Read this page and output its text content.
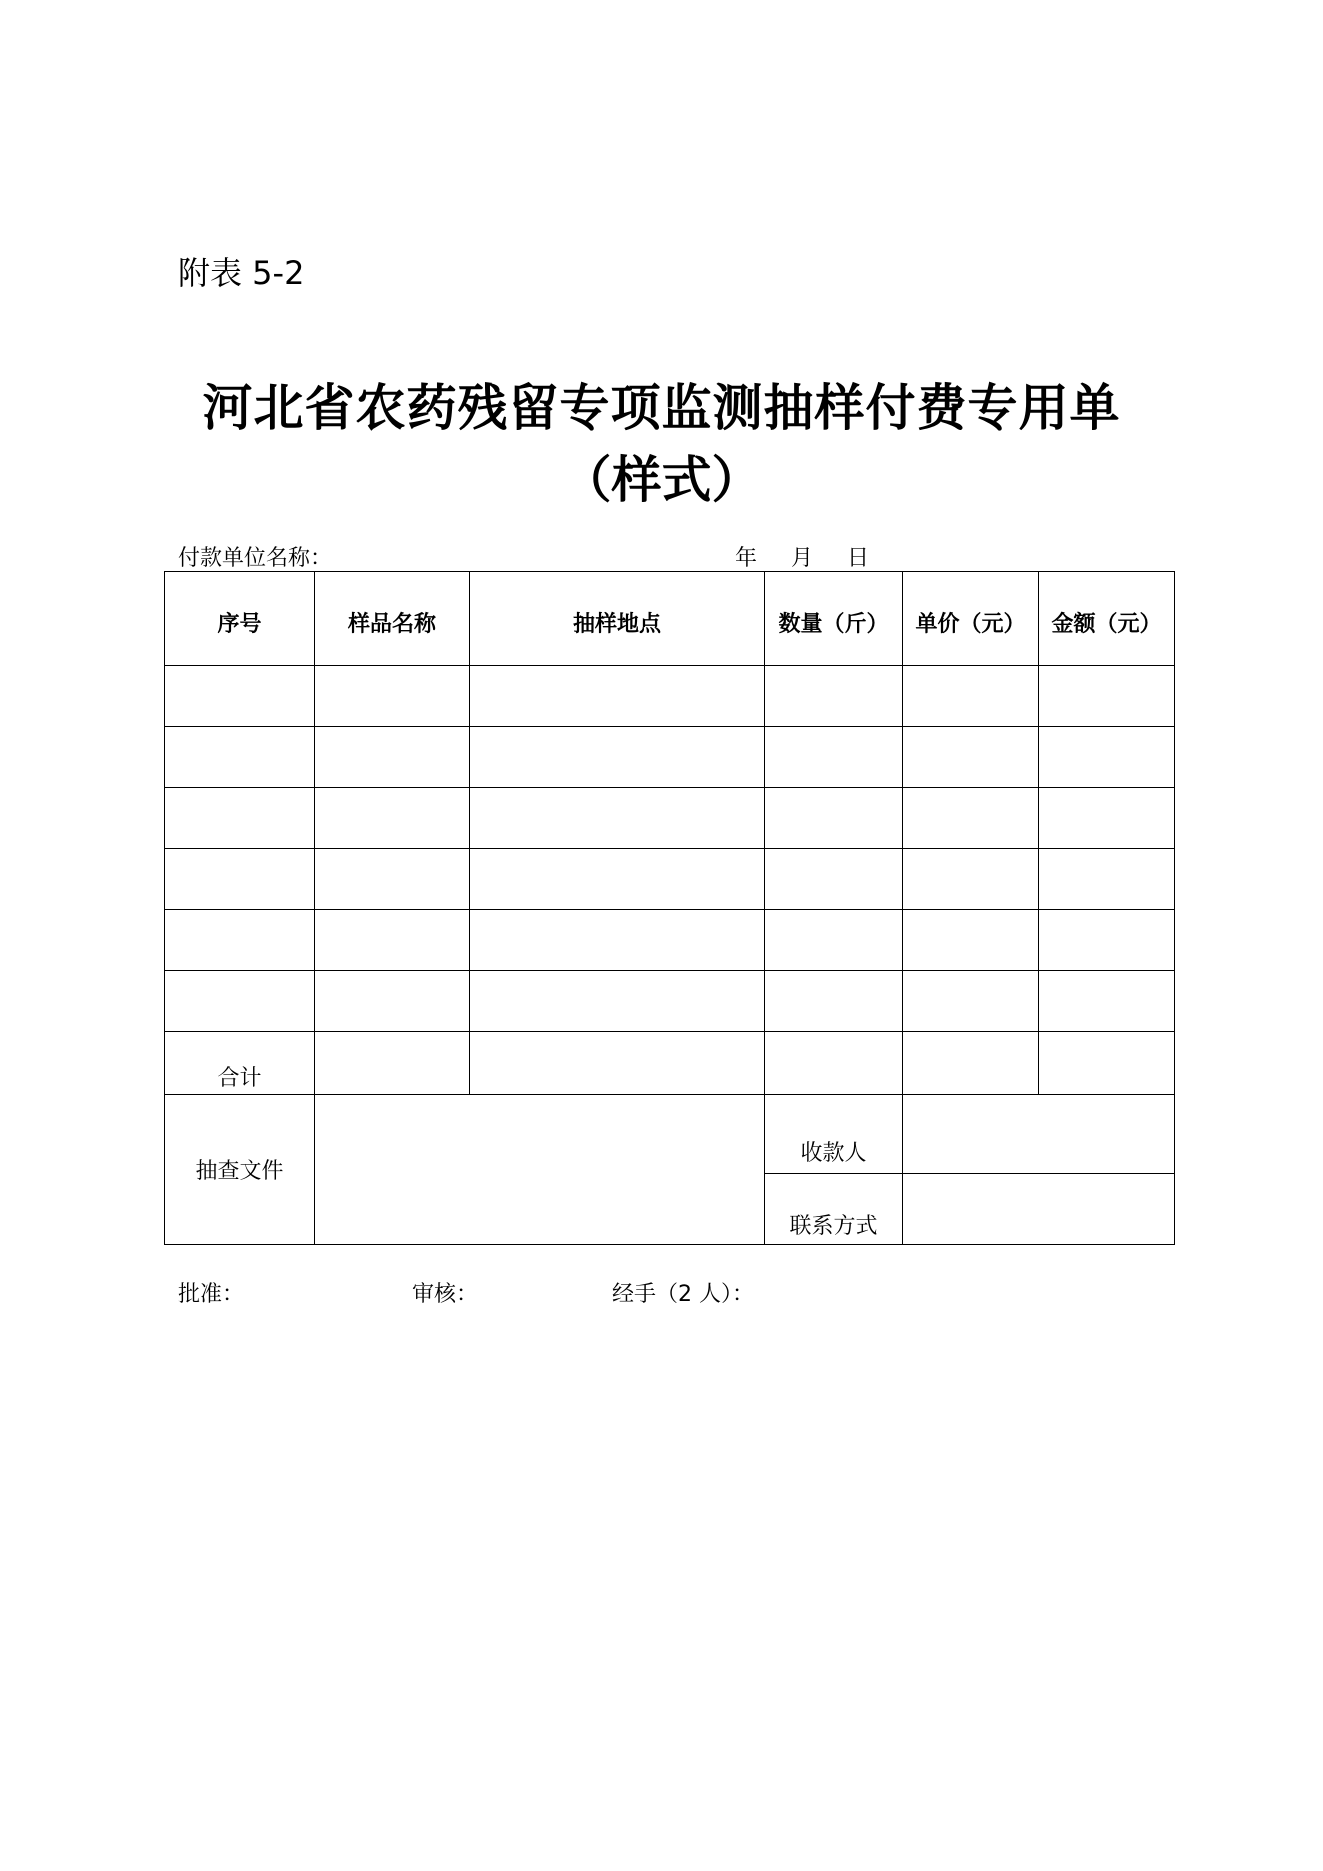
附表 5-2
河北省农药残留专项监测抽样付费专用单
（样式）
付款单位名称：	年 月 日
序号	样品名称	抽样地点	数量（斤）	单价（元）	金额（元）

合计					
抽查文件			收款人		
			联系方式		
批准：	审核：	经手（2 人）：
